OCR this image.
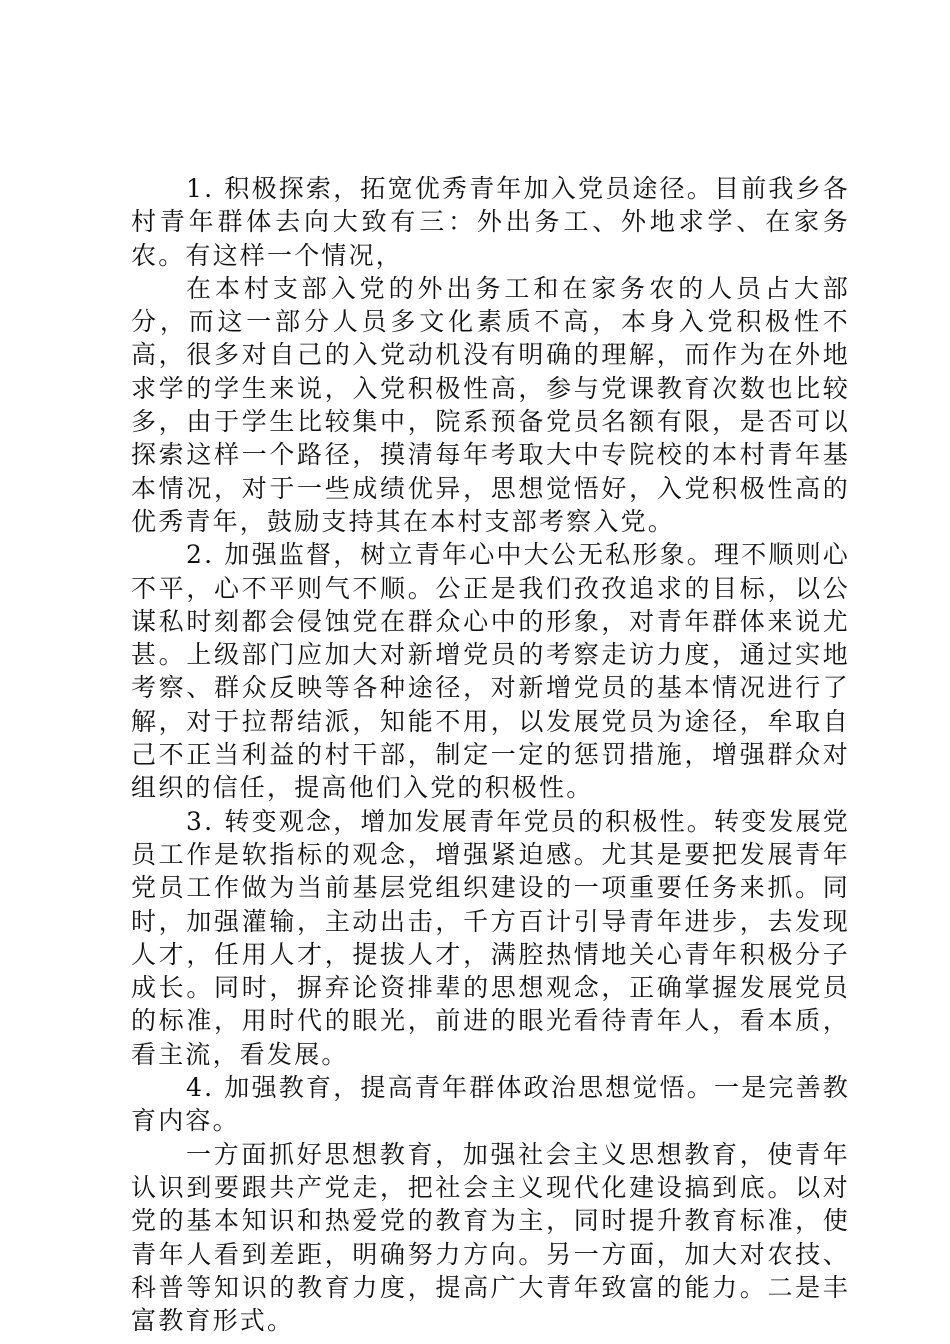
1. 积极探索，拓宽优秀青年加入党员途径。目前我乡各村青年群体去向大致有三：外出务工、外地求学、在家务农。有这样一个情况，

在本村支部入党的外出务工和在家务农的人员占大部分，而这一部分人员多文化素质不高，本身入党积极性不高，很多对自己的入党动机没有明确的理解，而作为在外地求学的学生来说，入党积极性高，参与党课教育次数也比较多，由于学生比较集中，院系预备党员名额有限，是否可以探索这样一个路径，摸清每年考取大中专院校的本村青年基本情况，对于一些成绩优异，思想觉悟好，入党积极性高的优秀青年，鼓励支持其在本村支部考察入党。

2. 加强监督，树立青年心中大公无私形象。理不顺则心不平，心不平则气不顺。公正是我们孜孜追求的目标，以公谋私时刻都会侵蚀党在群众心中的形象，对青年群体来说尤甚。上级部门应加大对新增党员的考察走访力度，通过实地考察、群众反映等各种途径，对新增党员的基本情况进行了解，对于拉帮结派，知能不用，以发展党员为途径，牟取自己不正当利益的村干部，制定一定的惩罚措施，增强群众对组织的信任，提高他们入党的积极性。

3. 转变观念，增加发展青年党员的积极性。转变发展党员工作是软指标的观念，增强紧迫感。尤其是要把发展青年党员工作做为当前基层党组织建设的一项重要任务来抓。同时，加强灌输，主动出击，千方百计引导青年进步，去发现人才，任用人才，提拔人才，满腔热情地关心青年积极分子成长。同时，摒弃论资排辈的思想观念，正确掌握发展党员的标准，用时代的眼光，前进的眼光看待青年人，看本质，看主流，看发展。

4. 加强教育，提高青年群体政治思想觉悟。一是完善教育内容。

一方面抓好思想教育，加强社会主义思想教育，使青年认识到要跟共产党走，把社会主义现代化建设搞到底。以对党的基本知识和热爱党的教育为主，同时提升教育标准，使青年人看到差距，明确努力方向。另一方面，加大对农技、科普等知识的教育力度，提高广大青年致富的能力。二是丰富教育形式。
